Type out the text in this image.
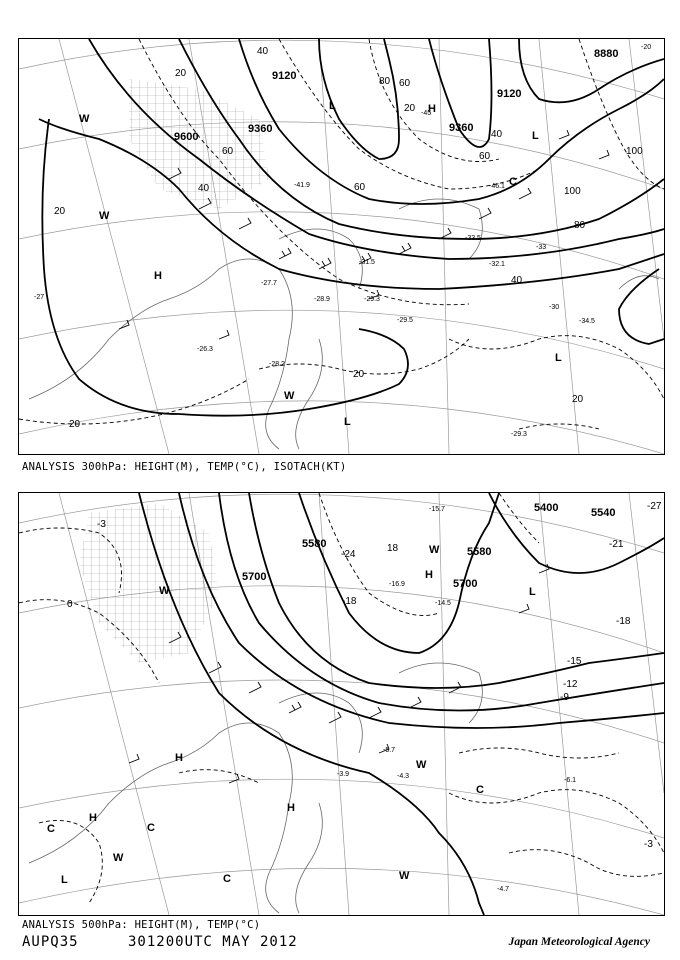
8880
9120
9120
9360	9360
9600
40
20
60
80
20
40
60	100
100
80
60
40
20
20
20
40
20
60
-20
-27	-28.9	-29.3
-31.5
-33.5
-32.1
-34.5
-29.5
-28.2
-29.3
-26.3
-27.7
-41.9	-46.1
-45
-33
-30
H
H
L
L
L
L
C
W
W
W
ANALYSIS 300hPa: HEIGHT(M), TEMP(°C), ISOTACH(KT)
5400	5540
5580
5580
5700
5700
-21
-18
-15
-12
-9
-27
-24
-18
-3
0
-3
18
-15.7
-14.5
-16.9
-4.7
-6.1
-5.7
-4.3
-3.9
H
H
H
H
L
L
C
C
C
C
W
W
W
W
W
ANALYSIS 500hPa: HEIGHT(M), TEMP(°C)
AUPQ35	301200UTC MAY 2012	Japan Meteorological Agency
